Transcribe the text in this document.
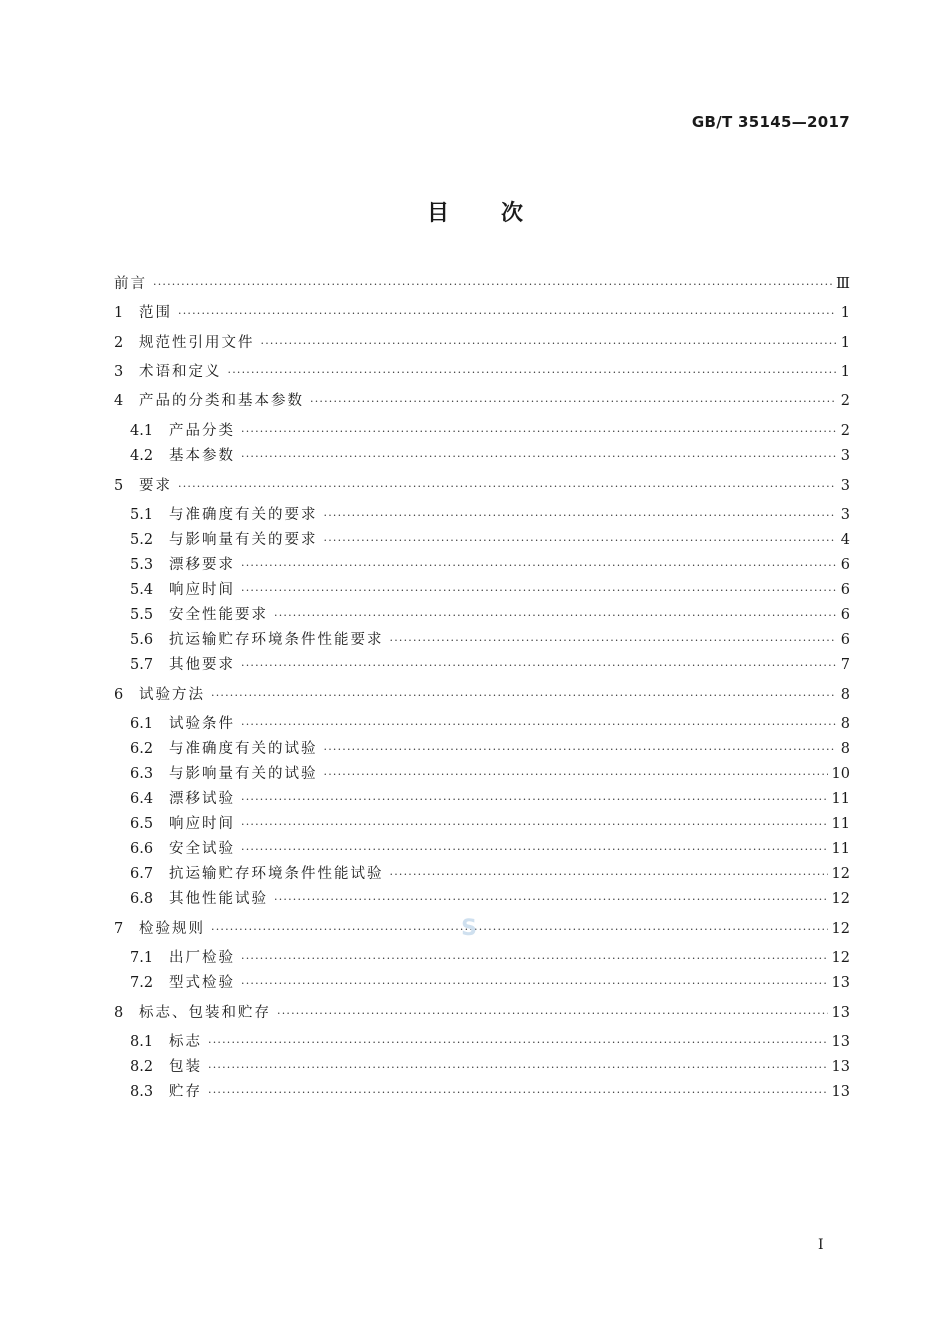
GB/T 35145—2017
目次
前言 ·····	Ⅲ
1	范围 ·····	1
2	规范性引用文件 ·····	1
3	术语和定义 ·····	1
4	产品的分类和基本参数 ·····	2
4.1	产品分类 ·····	2
4.2	基本参数 ·····	3
5	要求 ·····	3
5.1	与准确度有关的要求 ·····	3
5.2	与影响量有关的要求 ·····	4
5.3	漂移要求 ·····	6
5.4	响应时间 ·····	6
5.5	安全性能要求 ·····	6
5.6	抗运输贮存环境条件性能要求 ·····	6
5.7	其他要求 ·····	7
6	试验方法 ·····	8
6.1	试验条件 ·····	8
6.2	与准确度有关的试验 ·····	8
6.3	与影响量有关的试验 ·····	10
6.4	漂移试验 ·····	11
6.5	响应时间 ·····	11
6.6	安全试验 ·····	11
6.7	抗运输贮存环境条件性能试验 ·····	12
6.8	其他性能试验 ·····	12
7	检验规则 ·····	12
7.1	出厂检验 ·····	12
7.2	型式检验 ·····	13
8	标志、包装和贮存 ·····	13
8.1	标志 ·····	13
8.2	包装 ·····	13
8.3	贮存 ·····	13
S
I
